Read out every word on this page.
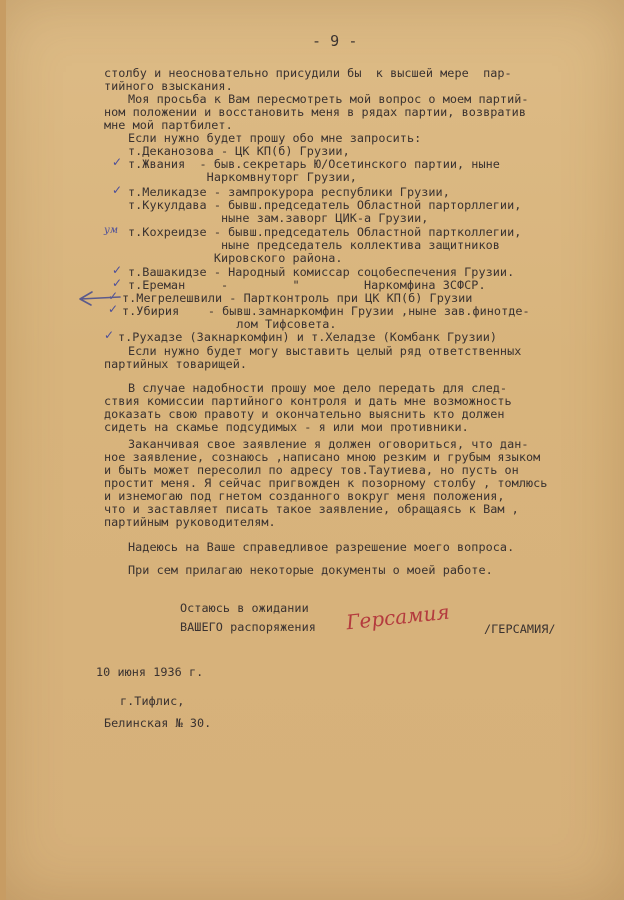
- 9 -
столбу и неосновательно присудили бы  к высшей мере  пар-
тийного взыскания.
Моя просьба к Вам пересмотреть мой вопрос о моем партий-
ном положении и восстановить меня в рядах партии, возвратив
мне мой партбилет.
Если нужно будет прошу обо мне запросить:
т.Деканозова - ЦК КП(б) Грузии,
т.Жвания  - быв.секретарь Ю/Осетинского партии, ныне
Наркомвнуторг Грузии,
т.Меликадзе - зампрокурора республики Грузии,
т.Кукулдава - бывш.председатель Областной парторллегии,
ныне зам.заворг ЦИК-а Грузии,
т.Кохреидзе - бывш.председатель Областной партколлегии,
ныне председатель коллектива защитников
Кировского района.
т.Вашакидзе - Народный комиссар соцобеспечения Грузии.
т.Ереман     -         "         Наркомфина ЗСФСР.
т.Мегрелешвили - Партконтроль при ЦК КП(б) Грузии
т.Убирия    - бывш.замнаркомфин Грузии ,ныне зав.финотде-
лом Тифсовета.
т.Рухадзе (Закнаркомфин) и т.Хеладзе (Комбанк Грузии)
✓
✓
✓
✓
✓
✓
✓
ум
Если нужно будет могу выставить целый ряд ответственных
партийных товарищей.
В случае надобности прошу мое дело передать для след-
ствия комиссии партийного контроля и дать мне возможность
доказать свою правоту и окончательно выяснить кто должен
сидеть на скамье подсудимых - я или мои противники.
Заканчивая свое заявление я должен оговориться, что дан-
ное заявление, сознаюсь ,написано мною резким и грубым языком
и быть может пересолил по адресу тов.Таутиева, но пусть он
простит меня. Я сейчас пригвожден к позорному столбу , томлюсь
и изнемогаю под гнетом созданного вокруг меня положения,
что и заставляет писать такое заявление, обращаясь к Вам ,
партийным руководителям.
Надеюсь на Ваше справедливое разрешение моего вопроса.
При сем прилагаю некоторые документы о моей работе.
Остаюсь в ожидании
ВАШЕГО распоряжения Герсамия	/ГЕРСАМИЯ/
10 июня 1936 г.
г.Тифлис,
Белинская № 30.
